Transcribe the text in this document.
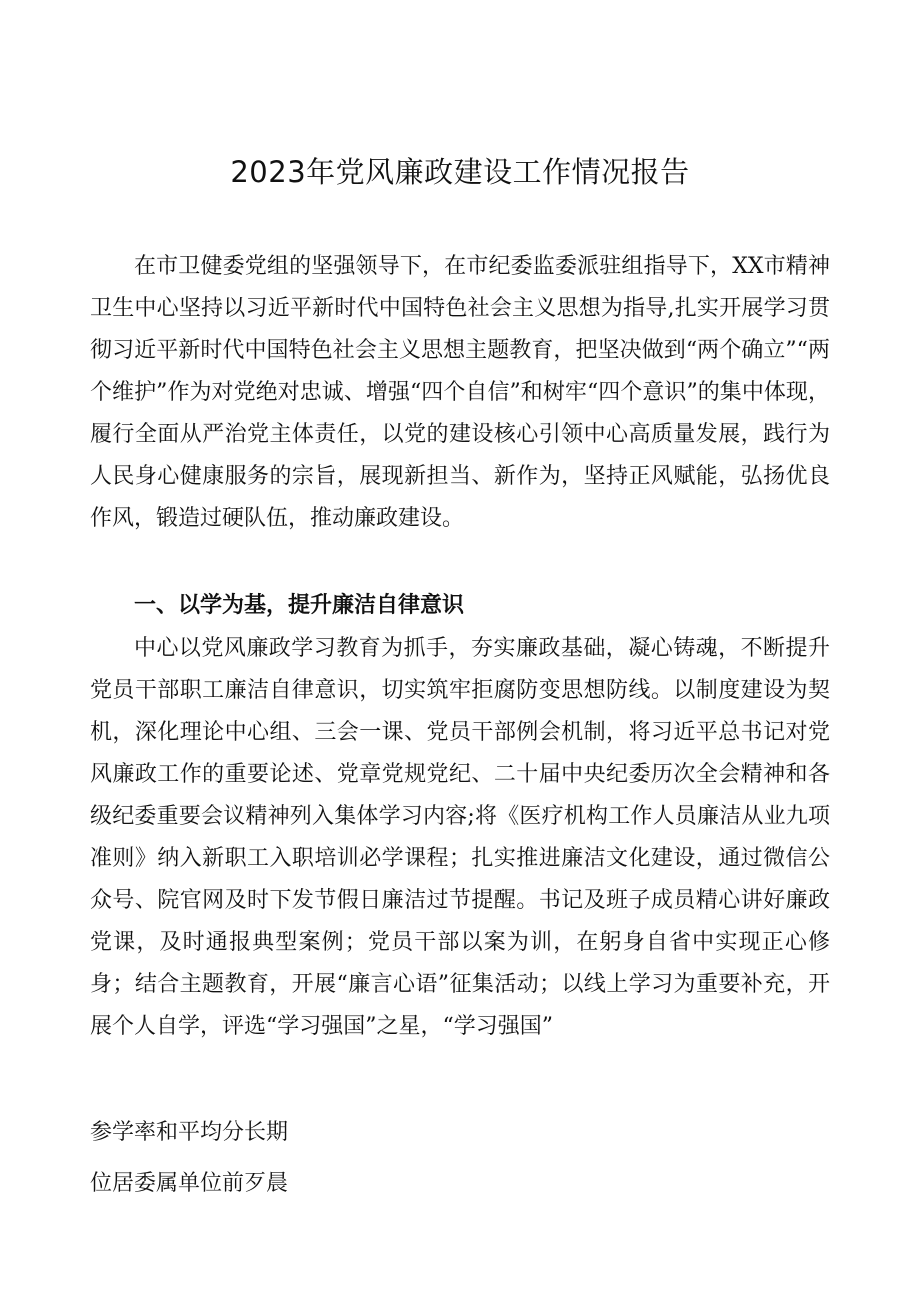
2023年党风廉政建设工作情况报告

在市卫健委党组的坚强领导下，在市纪委监委派驻组指导下，XX市精神卫生中心坚持以习近平新时代中国特色社会主义思想为指导,扎实开展学习贯彻习近平新时代中国特色社会主义思想主题教育，把坚决做到“两个确立”“两个维护”作为对党绝对忠诚、增强“四个自信”和树牢“四个意识”的集中体现，履行全面从严治党主体责任，以党的建设核心引领中心高质量发展，践行为人民身心健康服务的宗旨，展现新担当、新作为，坚持正风赋能，弘扬优良作风，锻造过硬队伍，推动廉政建设。

一、以学为基，提升廉洁自律意识

中心以党风廉政学习教育为抓手，夯实廉政基础，凝心铸魂，不断提升党员干部职工廉洁自律意识，切实筑牢拒腐防变思想防线。以制度建设为契机，深化理论中心组、三会一课、党员干部例会机制，将习近平总书记对党风廉政工作的重要论述、党章党规党纪、二十届中央纪委历次全会精神和各级纪委重要会议精神列入集体学习内容;将《医疗机构工作人员廉洁从业九项准则》纳入新职工入职培训必学课程；扎实推进廉洁文化建设，通过微信公众号、院官网及时下发节假日廉洁过节提醒。书记及班子成员精心讲好廉政党课，及时通报典型案例；党员干部以案为训，在躬身自省中实现正心修身；结合主题教育，开展“廉言心语”征集活动；以线上学习为重要补充，开展个人自学，评选“学习强国”之星，“学习强国”

参学率和平均分长期

位居委属单位前歹晨
